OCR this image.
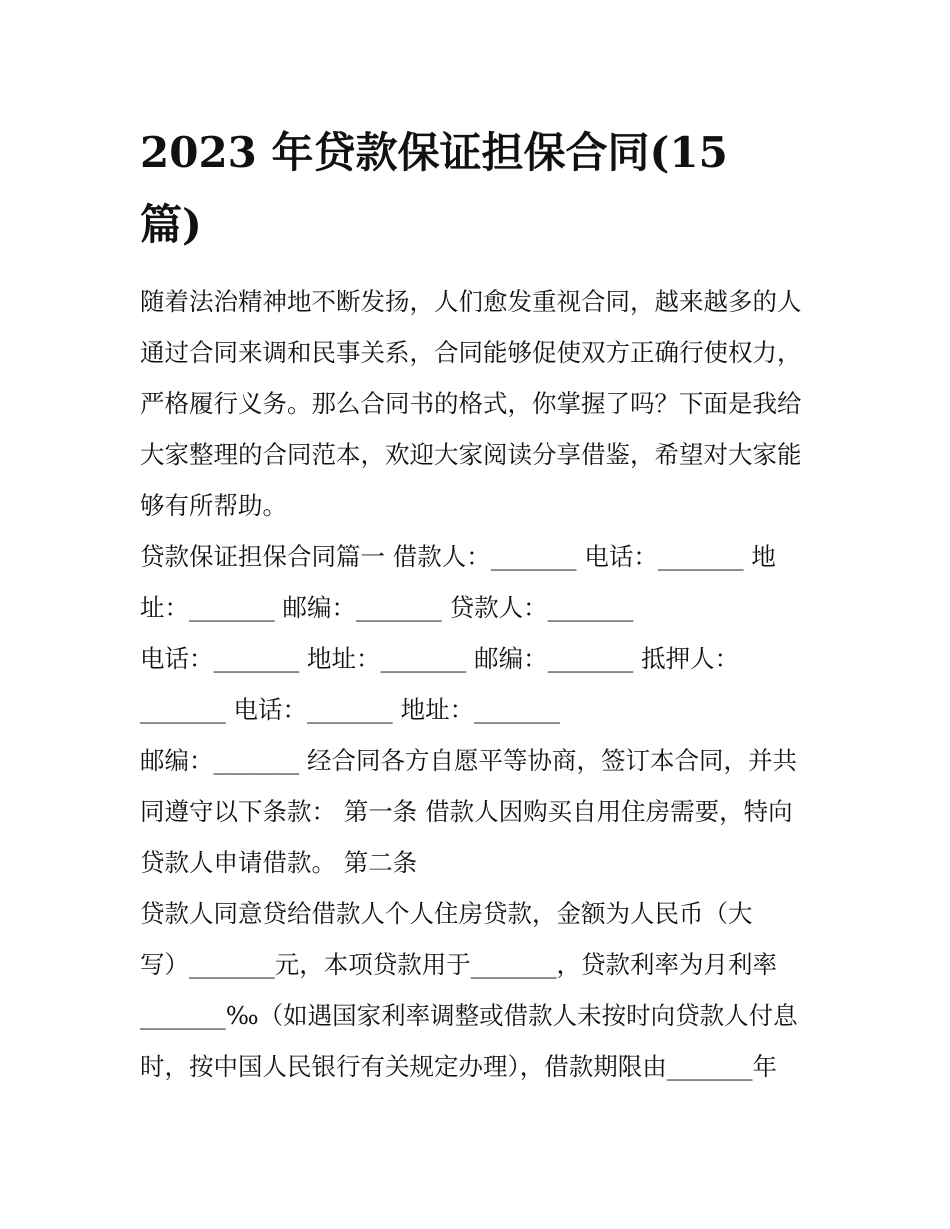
2023 年贷款保证担保合同(15
篇)
随着法治精神地不断发扬，人们愈发重视合同，越来越多的人
通过合同来调和民事关系，合同能够促使双方正确行使权力，
严格履行义务。那么合同书的格式，你掌握了吗？下面是我给
大家整理的合同范本，欢迎大家阅读分享借鉴，希望对大家能
够有所帮助。
贷款保证担保合同篇一 借款人：_______ 电话：_______ 地
址：_______ 邮编：_______ 贷款人：_______
电话：_______ 地址：_______ 邮编：_______ 抵押人：
_______ 电话：_______ 地址：_______
邮编：_______ 经合同各方自愿平等协商，签订本合同，并共
同遵守以下条款： 第一条 借款人因购买自用住房需要，特向
贷款人申请借款。 第二条
贷款人同意贷给借款人个人住房贷款，金额为人民币（大
写）_______元，本项贷款用于_______，贷款利率为月利率
_______‰（如遇国家利率调整或借款人未按时向贷款人付息
时，按中国人民银行有关规定办理），借款期限由_______年
